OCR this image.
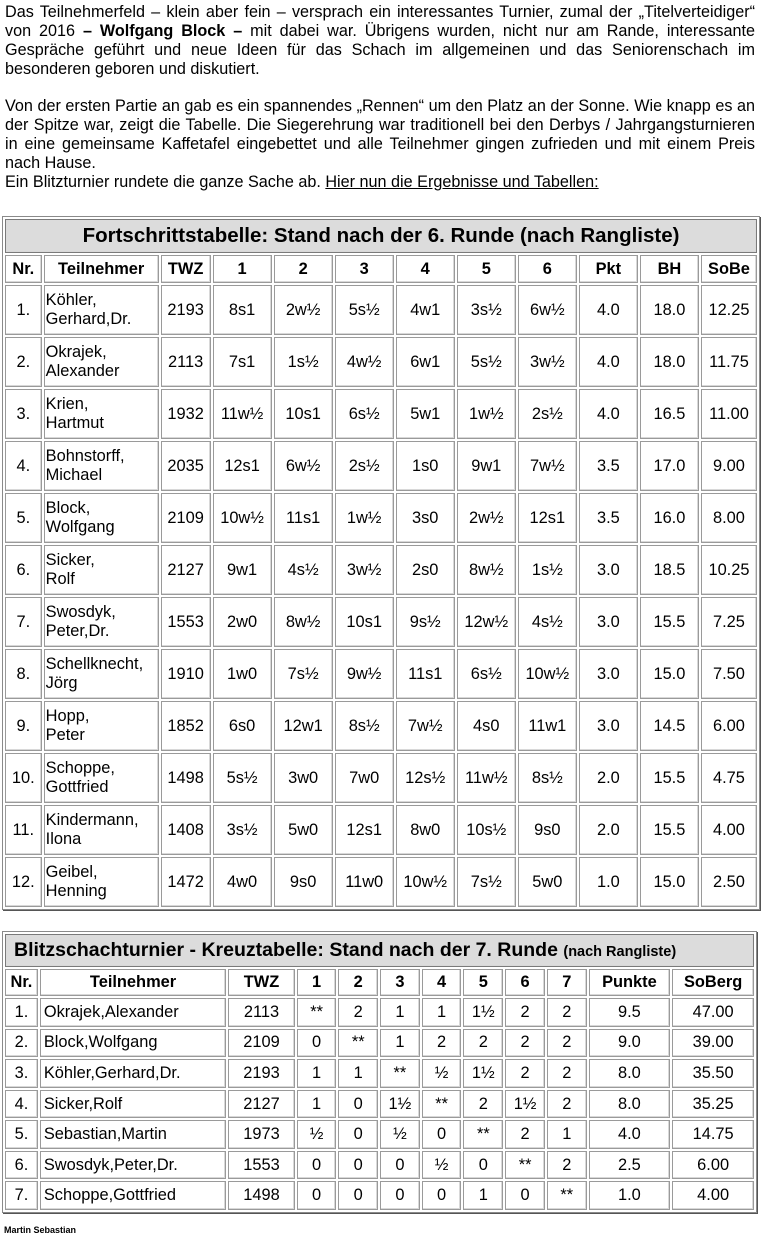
Das Teilnehmerfeld – klein aber fein – versprach ein interessantes Turnier, zumal der „Titelverteidiger“ von 2016 – Wolfgang Block – mit dabei war. Übrigens wurden, nicht nur am Rande, interessante Gespräche geführt und neue Ideen für das Schach im allgemeinen und das Seniorenschach im besonderen geboren und diskutiert.

Von der ersten Partie an gab es ein spannendes „Rennen“ um den Platz an der Sonne. Wie knapp es an der Spitze war, zeigt die Tabelle. Die Siegerehrung war traditionell bei den Derbys / Jahrgangsturnieren in eine gemeinsame Kaffetafel eingebettet und alle Teilnehmer gingen zufrieden und mit einem Preis nach Hause.
Ein Blitzturnier rundete die ganze Sache ab. Hier nun die Ergebnisse und Tabellen:

Fortschrittstabelle: Stand nach der 6. Runde (nach Rangliste)											
Nr.	Teilnehmer	TWZ	1	2	3	4	5	6	Pkt	BH	SoBe
1.	Köhler,
Gerhard,Dr.	2193	8s1	2w½	5s½	4w1	3s½	6w½	4.0	18.0	12.25
2.	Okrajek,
Alexander	2113	7s1	1s½	4w½	6w1	5s½	3w½	4.0	18.0	11.75
3.	Krien,
Hartmut	1932	11w½	10s1	6s½	5w1	1w½	2s½	4.0	16.5	11.00
4.	Bohnstorff,
Michael	2035	12s1	6w½	2s½	1s0	9w1	7w½	3.5	17.0	9.00
5.	Block,
Wolfgang	2109	10w½	11s1	1w½	3s0	2w½	12s1	3.5	16.0	8.00
6.	Sicker,
Rolf	2127	9w1	4s½	3w½	2s0	8w½	1s½	3.0	18.5	10.25
7.	Swosdyk,
Peter,Dr.	1553	2w0	8w½	10s1	9s½	12w½	4s½	3.0	15.5	7.25
8.	Schellknecht,
Jörg	1910	1w0	7s½	9w½	11s1	6s½	10w½	3.0	15.0	7.50
9.	Hopp,
Peter	1852	6s0	12w1	8s½	7w½	4s0	11w1	3.0	14.5	6.00
10.	Schoppe,
Gottfried	1498	5s½	3w0	7w0	12s½	11w½	8s½	2.0	15.5	4.75
11.	Kindermann,
Ilona	1408	3s½	5w0	12s1	8w0	10s½	9s0	2.0	15.5	4.00
12.	Geibel,
Henning	1472	4w0	9s0	11w0	10w½	7s½	5w0	1.0	15.0	2.50
Blitzschachturnier - Kreuztabelle: Stand nach der 7. Runde (nach Rangliste)											
Nr.	Teilnehmer	TWZ	1	2	3	4	5	6	7	Punkte	SoBerg
1.	Okrajek,Alexander	2113	**	2	1	1	1½	2	2	9.5	47.00
2.	Block,Wolfgang	2109	0	**	1	2	2	2	2	9.0	39.00
3.	Köhler,Gerhard,Dr.	2193	1	1	**	½	1½	2	2	8.0	35.50
4.	Sicker,Rolf	2127	1	0	1½	**	2	1½	2	8.0	35.25
5.	Sebastian,Martin	1973	½	0	½	0	**	2	1	4.0	14.75
6.	Swosdyk,Peter,Dr.	1553	0	0	0	½	0	**	2	2.5	6.00
7.	Schoppe,Gottfried	1498	0	0	0	0	1	0	**	1.0	4.00
Martin Sebastian
